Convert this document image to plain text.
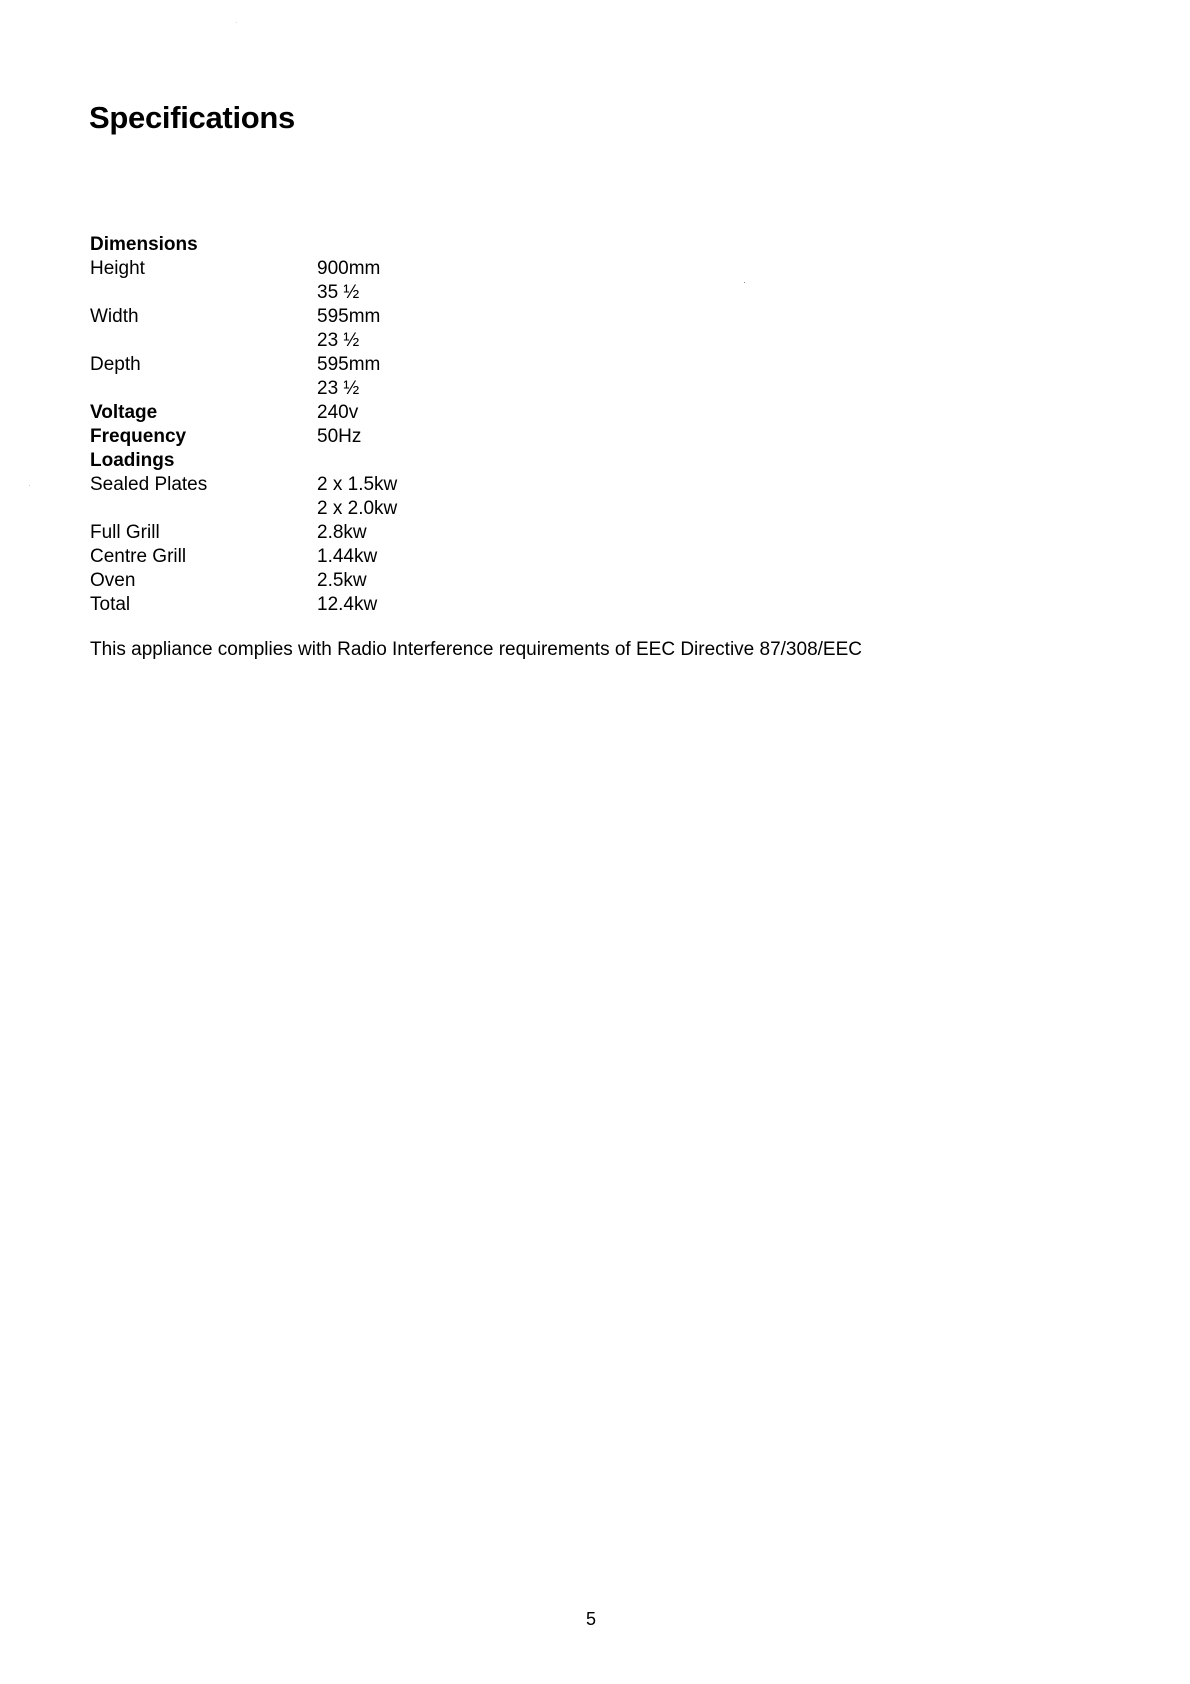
Specifications
Dimensions
Height	900mm
35 ½
Width	595mm
23 ½
Depth	595mm
23 ½
Voltage	240v
Frequency	50Hz
Loadings
Sealed Plates	2 x 1.5kw
2 x 2.0kw
Full Grill	2.8kw
Centre Grill	1.44kw
Oven	2.5kw
Total	12.4kw

This appliance complies with Radio Interference requirements of EEC Directive 87/308/EEC

5
